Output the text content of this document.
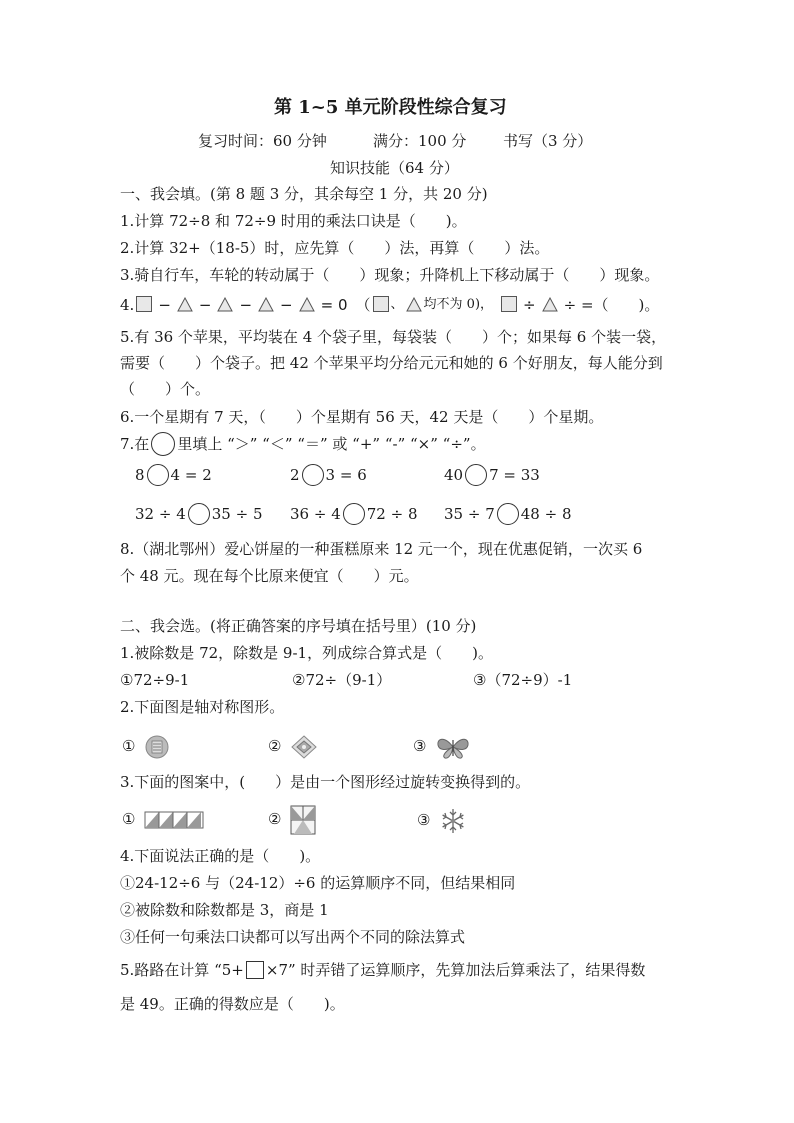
第 1~5 单元阶段性综合复习
复习时间：60 分钟	满分：100 分 书写（3 分）
知识技能（64 分）
一、我会填。(第 8 题 3 分，其余每空 1 分，共 20 分)
1.计算 72÷8 和 72÷9 时用的乘法口诀是（　　)。
2.计算 32+（18-5）时，应先算（　　）法，再算（　　）法。
3.骑自行车，车轮的转动属于（　　）现象；升降机上下移动属于（　　）现象。
4. − − − − = 0 （ 、 均不为 0)， ÷ ÷ =（　　)。
5.有 36 个苹果，平均装在 4 个袋子里，每袋装（　　）个；如果每 6 个装一袋，
需要（　　）个袋子。把 42 个苹果平均分给元元和她的 6 个好朋友，每人能分到
（　　）个。
6.一个星期有 7 天，（　　）个星期有 56 天，42 天是（　　）个星期。
7.在 里填上 “＞” “＜” “＝” 或 “+” “-” “×” “÷”。
8 4 = 2	2 3 = 6	40 7 = 33
32 ÷ 4 35 ÷ 5 36 ÷ 4 72 ÷ 8 35 ÷ 7 48 ÷ 8
8.（湖北鄂州）爱心饼屋的一种蛋糕原来 12 元一个，现在优惠促销，一次买 6
个 48 元。现在每个比原来便宜（　　）元。
二、我会选。(将正确答案的序号填在括号里）(10 分)
1.被除数是 72，除数是 9-1，列成综合算式是（　　)。
①72÷9-1	②72÷（9-1）	③（72÷9）-1
2.下面图是轴对称图形。
①	②	③
3.下面的图案中，(　　）是由一个图形经过旋转变换得到的。
①	②	③
4.下面说法正确的是（　　)。
①24-12÷6 与（24-12）÷6 的运算顺序不同，但结果相同
②被除数和除数都是 3，商是 1
③任何一句乘法口诀都可以写出两个不同的除法算式
5.路路在计算 “5+ ×7” 时弄错了运算顺序，先算加法后算乘法了，结果得数
是 49。正确的得数应是（　　)。
